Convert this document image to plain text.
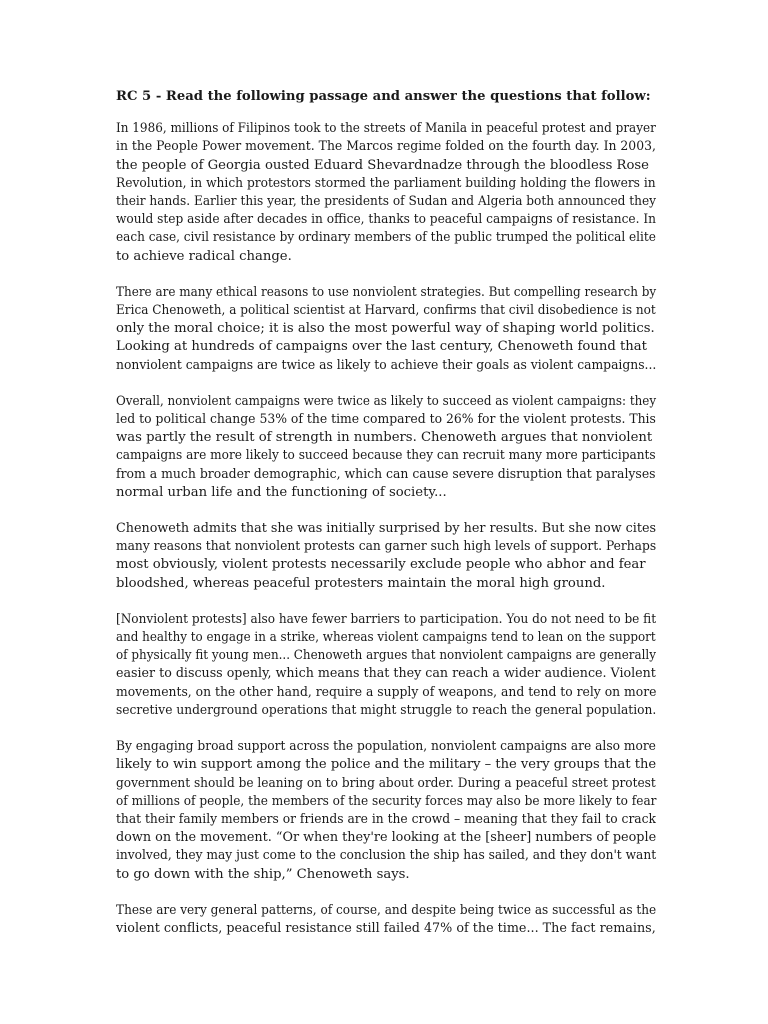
RC 5 - Read the following passage and answer the questions that follow:
In 1986, millions of Filipinos took to the streets of Manila in peaceful protest and prayer
in the People Power movement. The Marcos regime folded on the fourth day. In 2003,
the people of Georgia ousted Eduard Shevardnadze through the bloodless Rose
Revolution, in which protestors stormed the parliament building holding the flowers in
their hands. Earlier this year, the presidents of Sudan and Algeria both announced they
would step aside after decades in office, thanks to peaceful campaigns of resistance. In
each case, civil resistance by ordinary members of the public trumped the political elite
to achieve radical change.
There are many ethical reasons to use nonviolent strategies. But compelling research by
Erica Chenoweth, a political scientist at Harvard, confirms that civil disobedience is not
only the moral choice; it is also the most powerful way of shaping world politics.
Looking at hundreds of campaigns over the last century, Chenoweth found that
nonviolent campaigns are twice as likely to achieve their goals as violent campaigns...
Overall, nonviolent campaigns were twice as likely to succeed as violent campaigns: they
led to political change 53% of the time compared to 26% for the violent protests. This
was partly the result of strength in numbers. Chenoweth argues that nonviolent
campaigns are more likely to succeed because they can recruit many more participants
from a much broader demographic, which can cause severe disruption that paralyses
normal urban life and the functioning of society...
Chenoweth admits that she was initially surprised by her results. But she now cites
many reasons that nonviolent protests can garner such high levels of support. Perhaps
most obviously, violent protests necessarily exclude people who abhor and fear
bloodshed, whereas peaceful protesters maintain the moral high ground.
[Nonviolent protests] also have fewer barriers to participation. You do not need to be fit
and healthy to engage in a strike, whereas violent campaigns tend to lean on the support
of physically fit young men... Chenoweth argues that nonviolent campaigns are generally
easier to discuss openly, which means that they can reach a wider audience. Violent
movements, on the other hand, require a supply of weapons, and tend to rely on more
secretive underground operations that might struggle to reach the general population.
By engaging broad support across the population, nonviolent campaigns are also more
likely to win support among the police and the military – the very groups that the
government should be leaning on to bring about order. During a peaceful street protest
of millions of people, the members of the security forces may also be more likely to fear
that their family members or friends are in the crowd – meaning that they fail to crack
down on the movement. “Or when they're looking at the [sheer] numbers of people
involved, they may just come to the conclusion the ship has sailed, and they don't want
to go down with the ship,” Chenoweth says.
These are very general patterns, of course, and despite being twice as successful as the
violent conflicts, peaceful resistance still failed 47% of the time... The fact remains,
